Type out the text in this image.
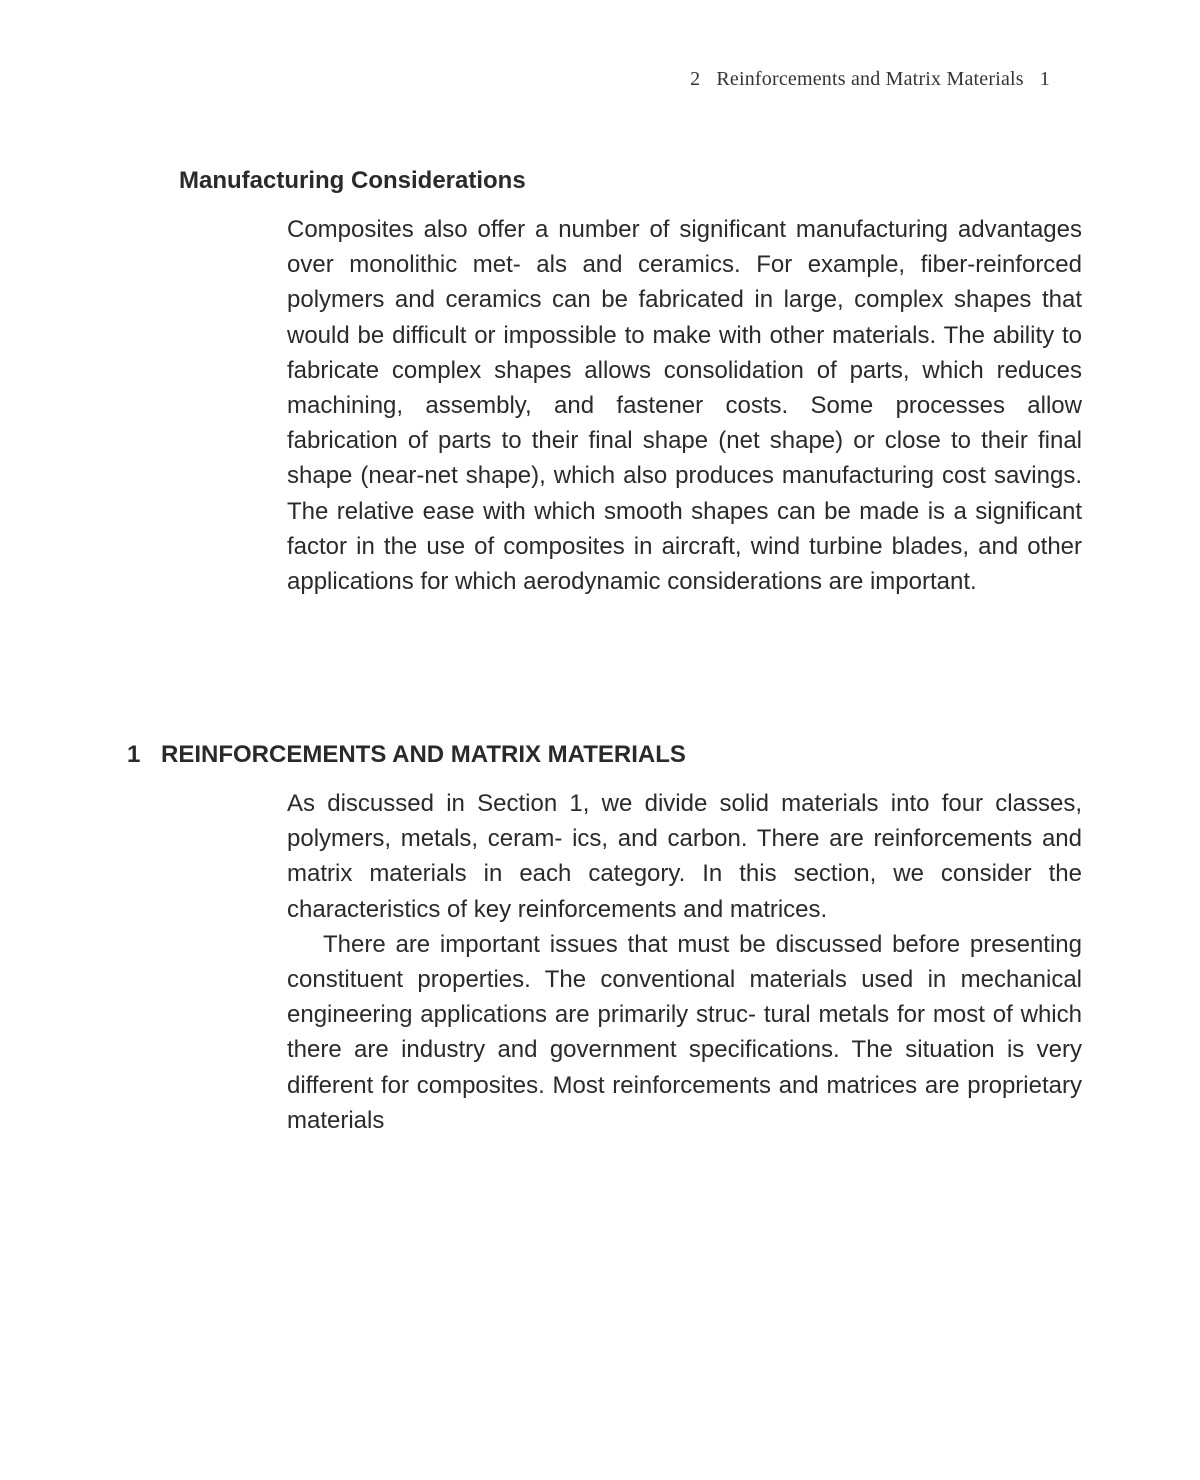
2 Reinforcements and Matrix Materials 1
Manufacturing Considerations

Composites also offer a number of significant manufacturing advantages over monolithic met- als and ceramics. For example, fiber-reinforced polymers and ceramics can be fabricated in large, complex shapes that would be difficult or impossible to make with other materials. The ability to fabricate complex shapes allows consolidation of parts, which reduces machining, assembly, and fastener costs. Some processes allow fabrication of parts to their final shape (net shape) or close to their final shape (near-net shape), which also produces manufacturing cost savings. The relative ease with which smooth shapes can be made is a significant factor in the use of composites in aircraft, wind turbine blades, and other applications for which aerodynamic considerations are important.

1 REINFORCEMENTS AND MATRIX MATERIALS

As discussed in Section 1, we divide solid materials into four classes, polymers, metals, ceram- ics, and carbon. There are reinforcements and matrix materials in each category. In this section, we consider the characteristics of key reinforcements and matrices.

There are important issues that must be discussed before presenting constituent properties. The conventional materials used in mechanical engineering applications are primarily struc- tural metals for most of which there are industry and government specifications. The situation is very different for composites. Most reinforcements and matrices are proprietary materials
